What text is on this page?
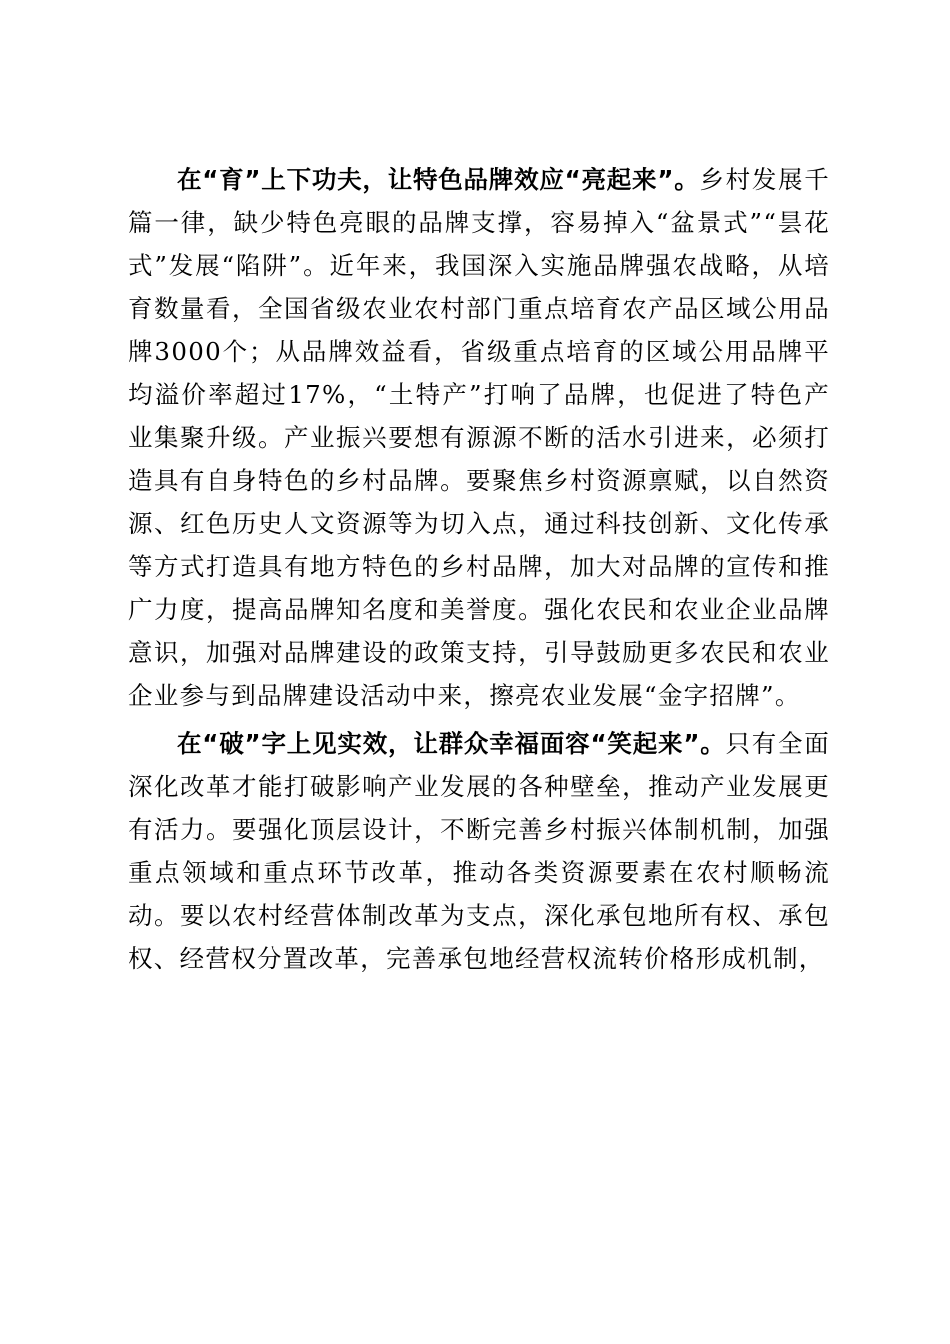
在“育”上下功夫，让特色品牌效应“亮起来”。乡村发展千篇一律，缺少特色亮眼的品牌支撑，容易掉入“盆景式”“昙花式”发展“陷阱”。近年来，我国深入实施品牌强农战略，从培育数量看，全国省级农业农村部门重点培育农产品区域公用品牌3000个；从品牌效益看，省级重点培育的区域公用品牌平均溢价率超过17%，“土特产”打响了品牌，也促进了特色产业集聚升级。产业振兴要想有源源不断的活水引进来，必须打造具有自身特色的乡村品牌。要聚焦乡村资源禀赋，以自然资源、红色历史人文资源等为切入点，通过科技创新、文化传承等方式打造具有地方特色的乡村品牌，加大对品牌的宣传和推广力度，提高品牌知名度和美誉度。强化农民和农业企业品牌意识，加强对品牌建设的政策支持，引导鼓励更多农民和农业企业参与到品牌建设活动中来，擦亮农业发展“金字招牌”。

在“破”字上见实效，让群众幸福面容“笑起来”。只有全面深化改革才能打破影响产业发展的各种壁垒，推动产业发展更有活力。要强化顶层设计，不断完善乡村振兴体制机制，加强重点领域和重点环节改革，推动各类资源要素在农村顺畅流动。要以农村经营体制改革为支点，深化承包地所有权、承包权、经营权分置改革，完善承包地经营权流转价格形成机制，
